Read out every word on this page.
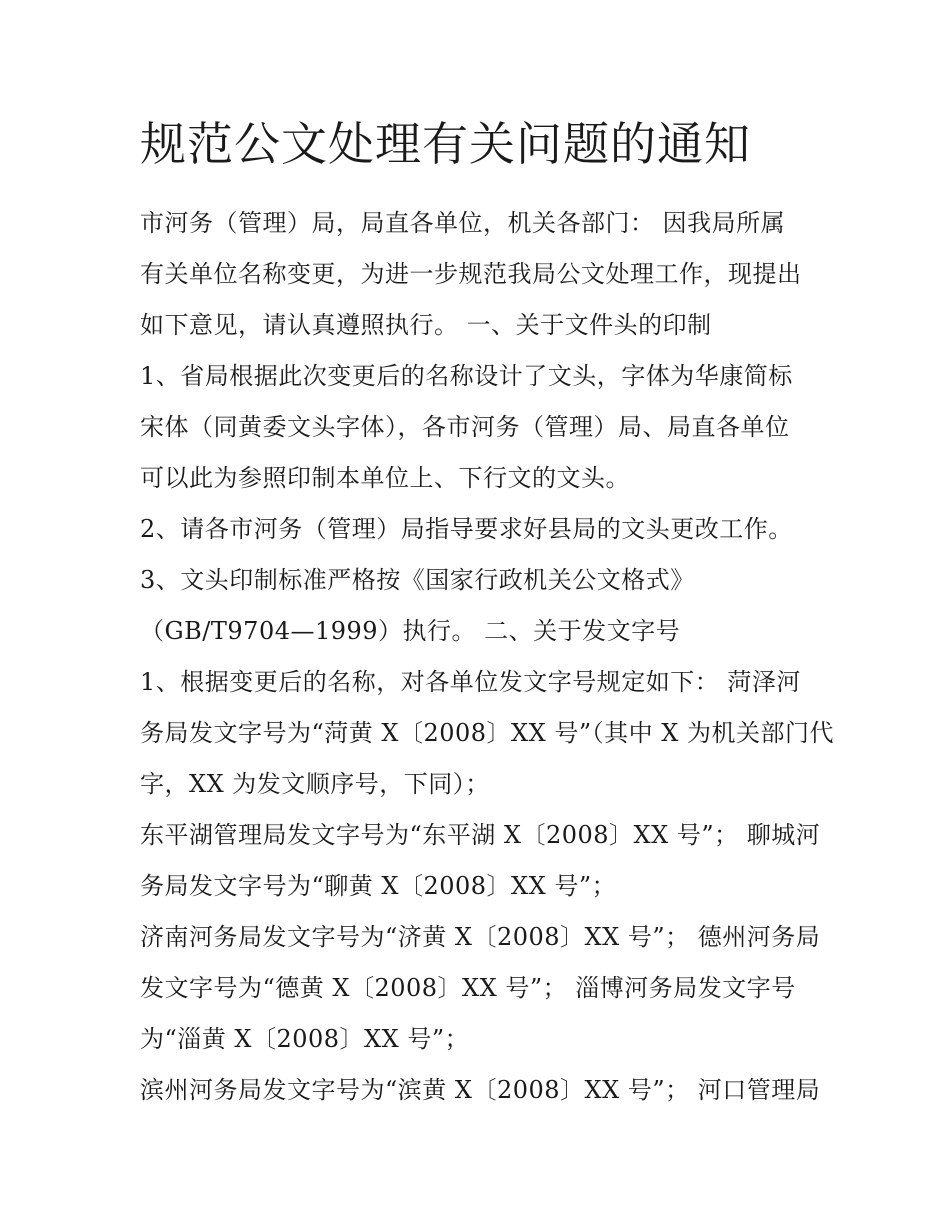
规范公文处理有关问题的通知
市河务（管理）局，局直各单位，机关各部门： 因我局所属
有关单位名称变更，为进一步规范我局公文处理工作，现提出
如下意见，请认真遵照执行。 一、关于文件头的印制
1、省局根据此次变更后的名称设计了文头，字体为华康简标
宋体（同黄委文头字体），各市河务（管理）局、局直各单位
可以此为参照印制本单位上、下行文的文头。
2、请各市河务（管理）局指导要求好县局的文头更改工作。
3、文头印制标准严格按《国家行政机关公文格式》
（GB/T9704—1999）执行。 二、关于发文字号
1、根据变更后的名称，对各单位发文字号规定如下： 菏泽河
务局发文字号为“菏黄 X〔2008〕XX 号”（其中 X 为机关部门代
字，XX 为发文顺序号，下同）；
东平湖管理局发文字号为“东平湖 X〔2008〕XX 号”； 聊城河
务局发文字号为“聊黄 X〔2008〕XX 号”；
济南河务局发文字号为“济黄 X〔2008〕XX 号”； 德州河务局
发文字号为“德黄 X〔2008〕XX 号”； 淄博河务局发文字号
为“淄黄 X〔2008〕XX 号”；
滨州河务局发文字号为“滨黄 X〔2008〕XX 号”； 河口管理局
